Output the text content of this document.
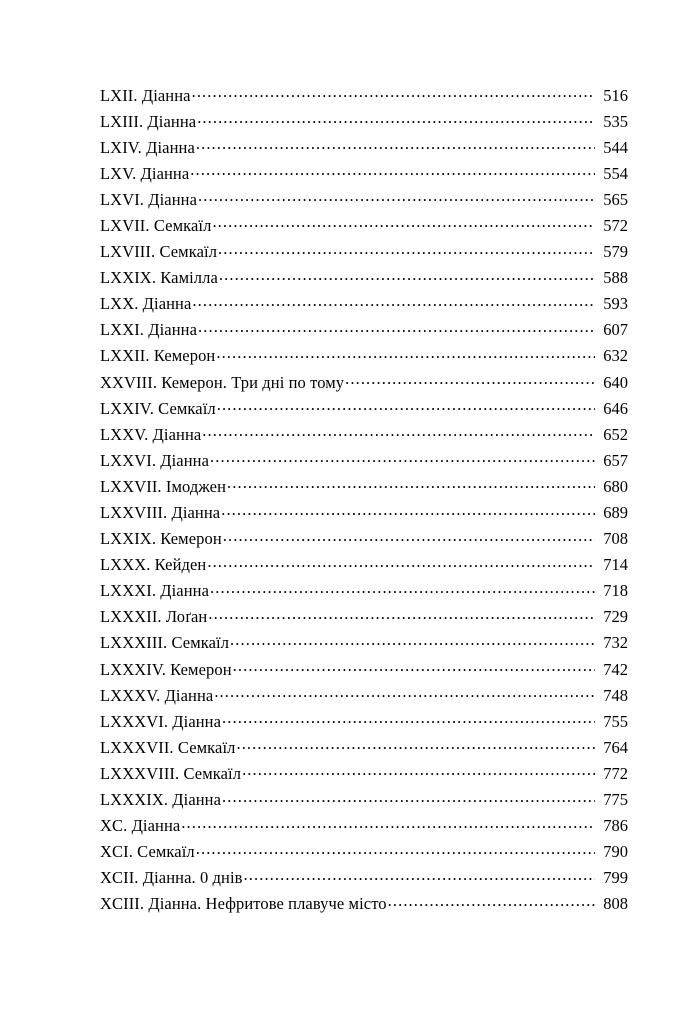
LXII. Діанна .....	516
LXIII. Діанна .....	535
LXIV. Діанна .....	544
LXV. Діанна .....	554
LXVI. Діанна .....	565
LXVII. Семкаїл .....	572
LXVIII. Семкаїл .....	579
LXXIX. Камілла .....	588
LXX. Діанна .....	593
LXXI. Діанна .....	607
LXXII. Кемерон .....	632
XXVIII. Кемерон. Три дні по тому .....	640
LXXIV. Семкаїл .....	646
LXXV. Діанна .....	652
LXXVI. Діанна .....	657
LXXVII. Імоджен .....	680
LXXVIII. Діанна .....	689
LXXIX. Кемерон .....	708
LXXX. Кейден .....	714
LXXXI. Діанна .....	718
LXXXII. Лоґан .....	729
LXXXIII. Семкаїл .....	732
LXXXIV. Кемерон .....	742
LXXXV. Діанна .....	748
LXXXVI. Діанна .....	755
LXXXVII. Семкаїл .....	764
LXXXVIII. Семкаїл .....	772
LXXXIX. Діанна .....	775
XC. Діанна .....	786
XCI. Семкаїл .....	790
XCII. Діанна. 0 днів .....	799
XCIII. Діанна. Нефритове плавуче місто .....	808
